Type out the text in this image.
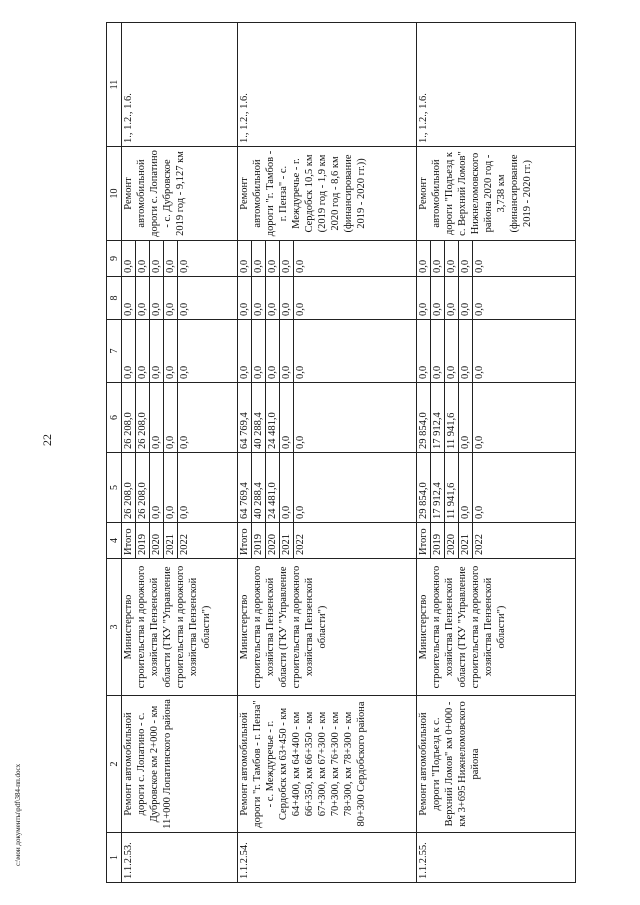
22
c:\мои документы\pdf\384-пп.docx	1	2	3	4	5	6	7	8	9	10	11
1.1.2.53.	Ремонт автомобильной дороги с. Лопатино - с. Дубровское км 2+000 - км 11+000 Лопатинского района	Министерство строительства и дорожного хозяйства Пензенской области (ГКУ "Управление строительства и дорожного хозяйства Пензенской области")	Итого	26 208,0	26 208,0	0,0	0,0	0,0	Ремонт автомобильной дороги с. Лопатино - с. Дубровское 2019 год - 9,127 км	1., 1.2., 1.6.
			2019	26 208,0	26 208,0	0,0	0,0	0,0		
			2020	0,0	0,0	0,0	0,0	0,0		
			2021	0,0	0,0	0,0	0,0	0,0		
			2022	0,0	0,0	0,0	0,0	0,0		
1.1.2.54.	Ремонт автомобильной дороги "г. Тамбов - г. Пенза" - с. Междуречье - г. Сердобск км 63+450 - км 64+400, км 64+400 - км 66+350, км 66+350 - км 67+300, км 67+300 - км 70+300, км 76+300 - км 78+300, км 78+300 - км 80+300 Сердобского района	Министерство строительства и дорожного хозяйства Пензенской области (ГКУ "Управление строительства и дорожного хозяйства Пензенской области")	Итого	64 769,4	64 769,4	0,0	0,0	0,0	Ремонт автомобильной дороги "г. Тамбов - г. Пенза" - с. Междуречье - г. Сердобск 10,5 км (2019 год - 1,9 км 2020 год - 8,6 км (финансирование 2019 - 2020 гг.))	1., 1.2., 1.6.
			2019	40 288,4	40 288,4	0,0	0,0	0,0		
			2020	24 481,0	24 481,0	0,0	0,0	0,0		
			2021	0,0	0,0	0,0	0,0	0,0		
			2022	0,0	0,0	0,0	0,0	0,0		
1.1.2.55.	Ремонт автомобильной дороги "Подъезд к с. Верхний Ломов" км 0+000 - км 3+695 Нижнеломовского района	Министерство строительства и дорожного хозяйства Пензенской области (ГКУ "Управление строительства и дорожного хозяйства Пензенской области")	Итого	29 854,0	29 854,0	0,0	0,0	0,0	Ремонт автомобильной дороги "Подъезд к с. Верхний Ломов" Нижнеломовского района 2020 год - 3,738 км (финансирование 2019 - 2020 гг.)	1., 1.2., 1.6.
			2019	17 912,4	17 912,4	0,0	0,0	0,0		
			2020	11 941,6	11 941,6	0,0	0,0	0,0		
			2021	0,0	0,0	0,0	0,0	0,0		
			2022	0,0	0,0	0,0	0,0	0,0		
